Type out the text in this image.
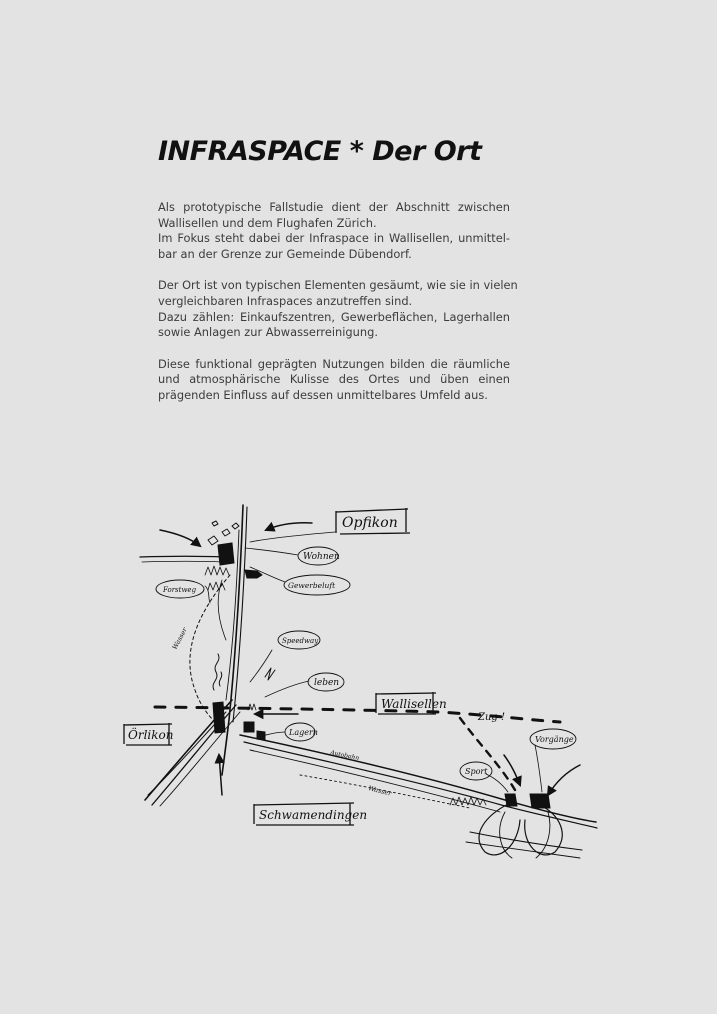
INFRASPACE * Der Ort

Als prototypische Fallstudie dient der Abschnitt zwischen
Wallisellen und dem Flughafen Zürich.
Im Fokus steht dabei der Infraspace in Wallisellen, unmittel-
bar an der Grenze zur Gemeinde Dübendorf.

Der Ort ist von typischen Elementen gesäumt, wie sie in vielen
vergleichbaren Infraspaces anzutreffen sind.
Dazu zählen: Einkaufszentren, Gewerbeflächen, Lagerhallen
sowie Anlagen zur Abwasserreinigung.

Diese funktional geprägten Nutzungen bilden die räumliche
und atmosphärische Kulisse des Ortes und üben einen
prägenden Einfluss auf dessen unmittelbares Umfeld aus.

Opfikon
Wallisellen
Örlikon
Schwamendingen
Wohnen
Gewerbeluft
Forstweg
Speedway
leben
Lagern
Sport
Vorgänge
Zug !
Autobahn
Wasser
Wasser
